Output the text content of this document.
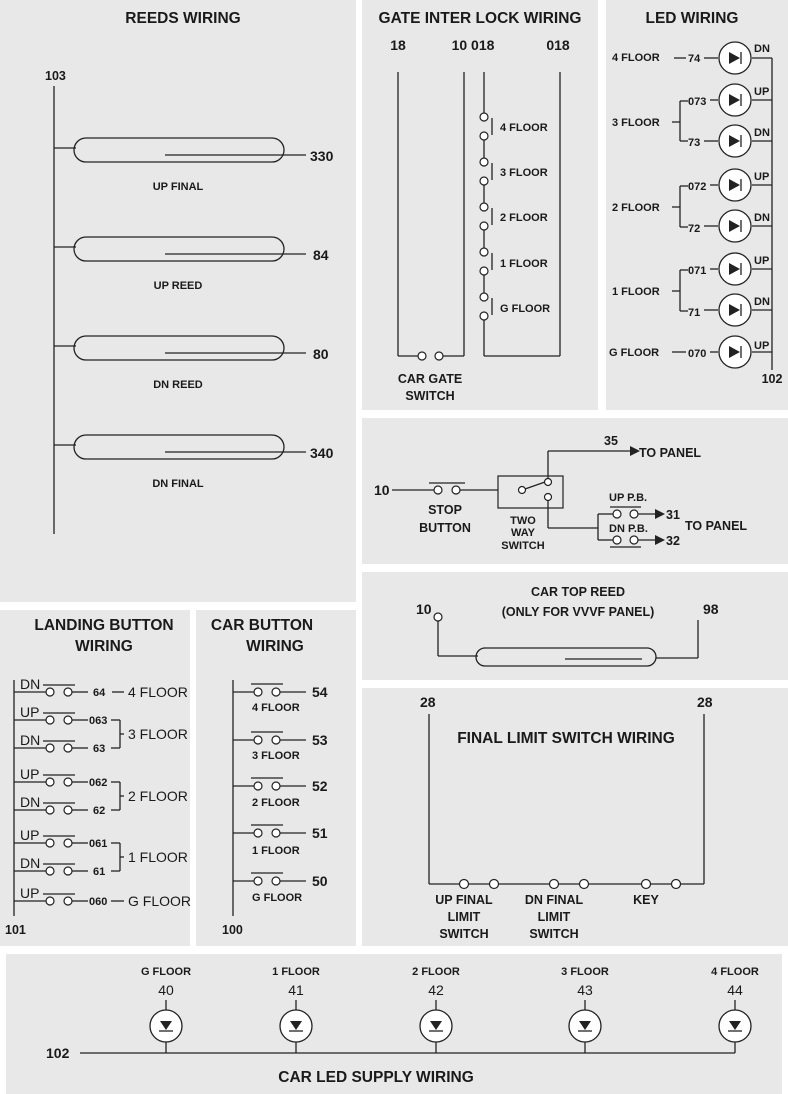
REEDS WIRING
103
330
UP FINAL
84
UP REED
80
DN REED
340
DN FINAL
GATE INTER LOCK WIRING
18	10 018	018
CAR GATE
SWITCH
4 FLOOR
3 FLOOR
2 FLOOR
1 FLOOR
G FLOOR
LED WIRING
102
4 FLOOR	74
DN
3 FLOOR
073
73
UP
DN
2 FLOOR
072
72
UP
DN
1 FLOOR
071
71
UP
DN
G FLOOR	070
UP
10
STOP
BUTTON	TWO
WAY
SWITCH
35
TO PANEL
UP P.B.
DN P.B.
31
32
TO PANEL
CAR TOP REED
(ONLY FOR VVVF PANEL)
10	98
LANDING BUTTON
WIRING
101
DN
64 4 FLOOR
UP
063
DN
63
3 FLOOR
UP
062
DN
62
2 FLOOR
UP
061
DN
61
1 FLOOR
UP
060 G FLOOR
CAR BUTTON
WIRING
100
54
4 FLOOR
53
3 FLOOR
52
2 FLOOR
51
1 FLOOR
50
G FLOOR
28	28
FINAL LIMIT SWITCH WIRING
UP FINAL
LIMIT
SWITCH
DN FINAL
LIMIT
SWITCH
KEY
102
G FLOOR
40
1 FLOOR
41
2 FLOOR
42
3 FLOOR
43
4 FLOOR
44
CAR LED SUPPLY WIRING
